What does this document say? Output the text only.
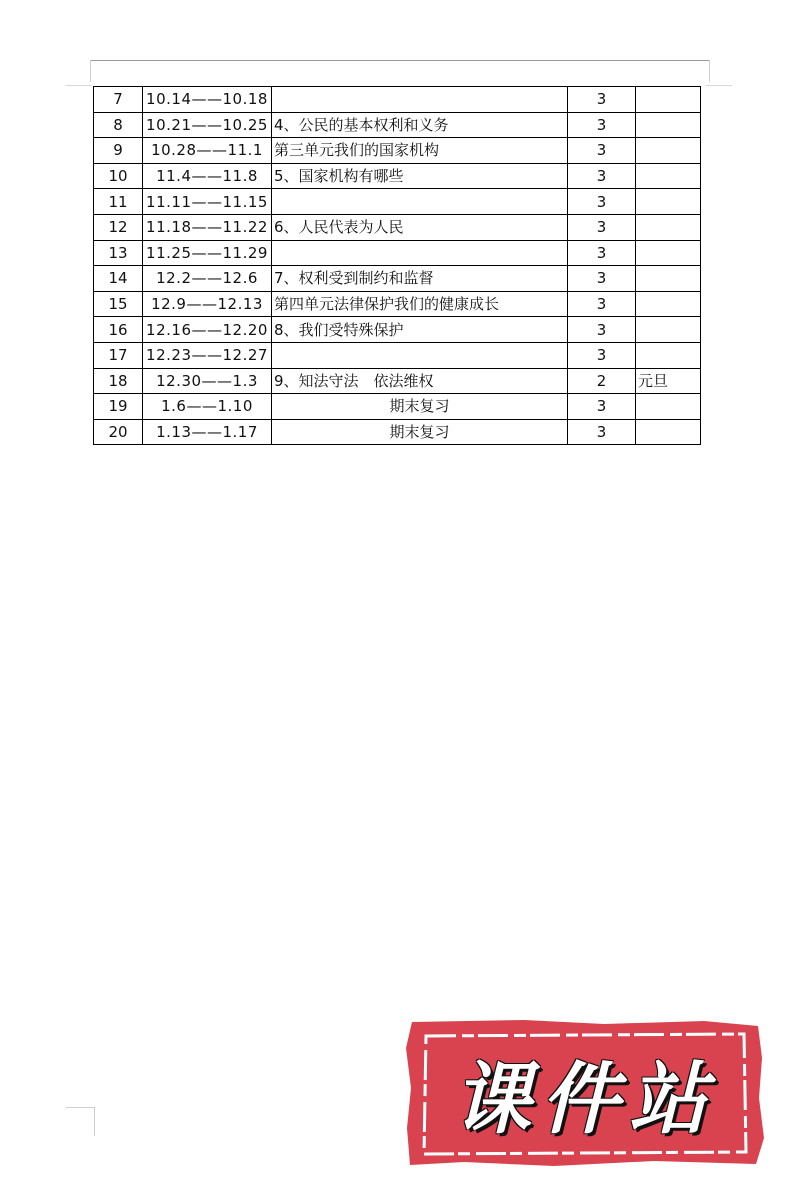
7	10.14——10.18		3	
8	10.21——10.25	4、公民的基本权利和义务	3	
9	10.28——11.1	第三单元我们的国家机构	3	
10	11.4——11.8	5、国家机构有哪些	3	
11	11.11——11.15		3	
12	11.18——11.22	6、人民代表为人民	3	
13	11.25——11.29		3	
14	12.2——12.6	7、权利受到制约和监督	3	
15	12.9——12.13	第四单元法律保护我们的健康成长	3	
16	12.16——12.20	8、我们受特殊保护	3	
17	12.23——12.27		3	
18	12.30——1.3	9、知法守法　依法维权	2	元旦
19	1.6——1.10	期末复习	3	
20	1.13——1.17	期末复习	3	
课件站
